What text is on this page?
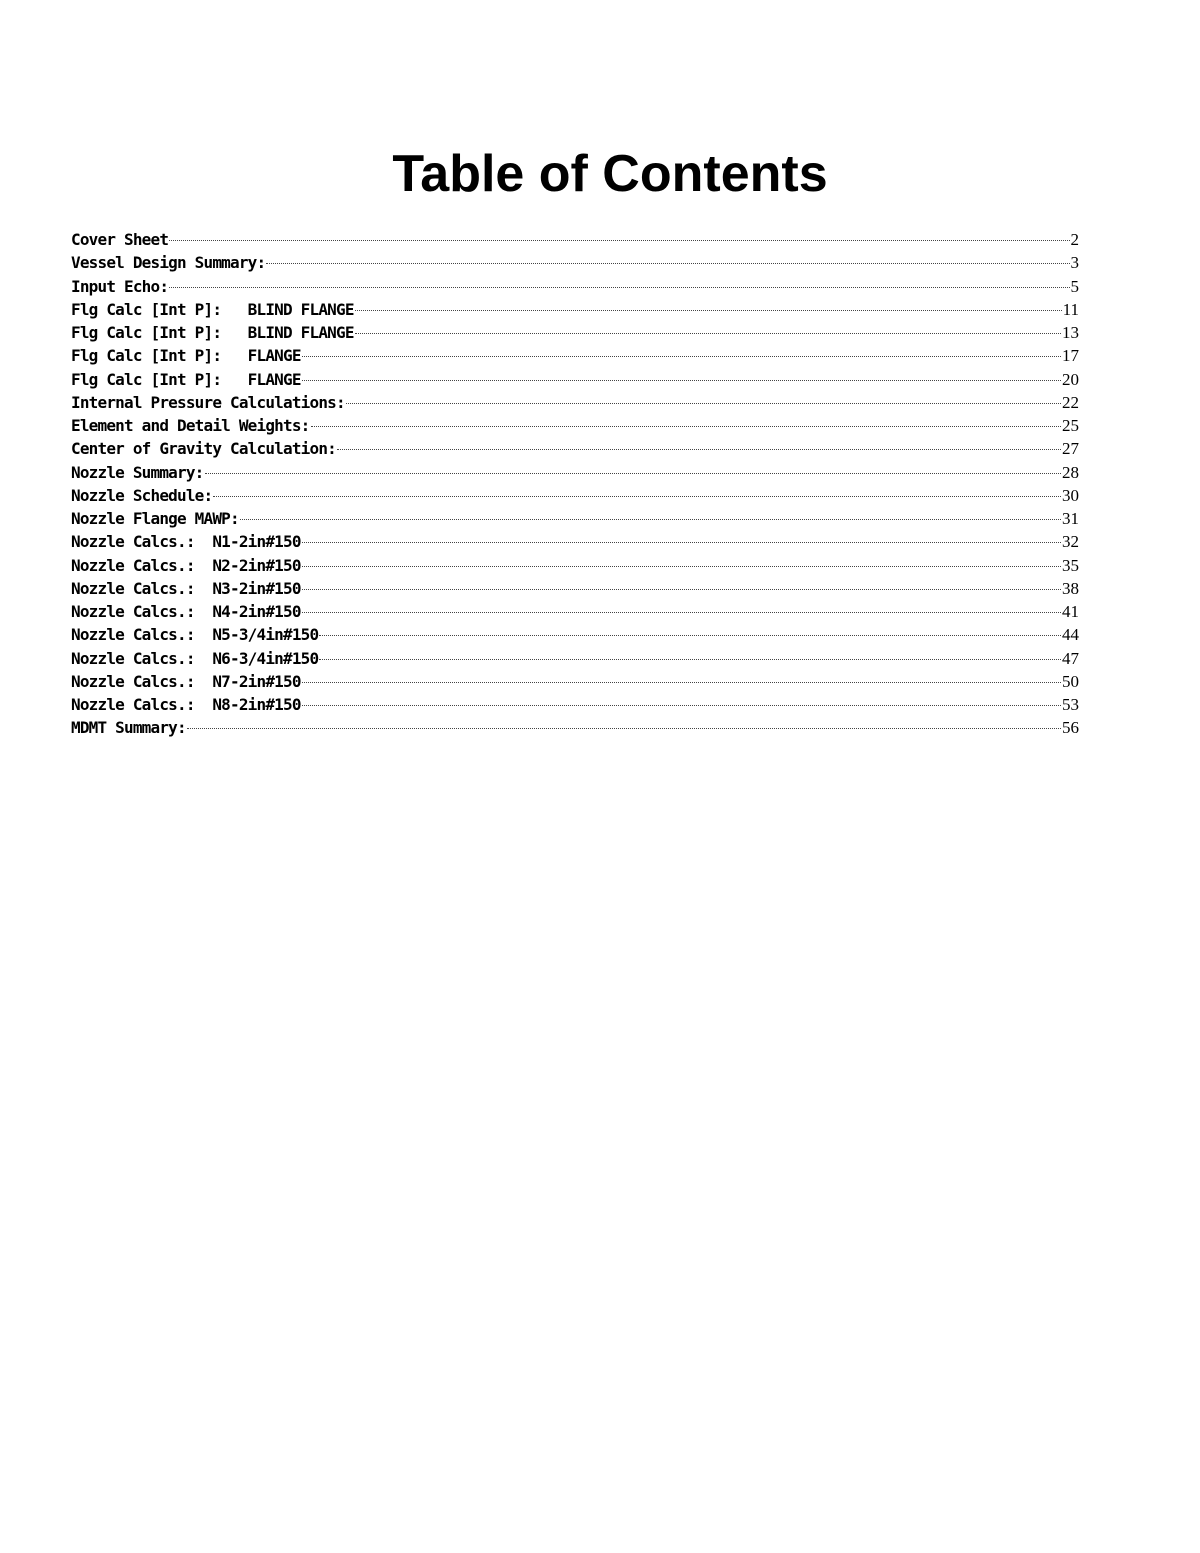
Table of Contents
Cover Sheet	2
Vessel Design Summary:	3
Input Echo:	5
Flg Calc [Int P]:   BLIND FLANGE	11
Flg Calc [Int P]:   BLIND FLANGE	13
Flg Calc [Int P]:   FLANGE	17
Flg Calc [Int P]:   FLANGE	20
Internal Pressure Calculations:	22
Element and Detail Weights:	25
Center of Gravity Calculation:	27
Nozzle Summary:	28
Nozzle Schedule:	30
Nozzle Flange MAWP:	31
Nozzle Calcs.:  N1-2in#150	32
Nozzle Calcs.:  N2-2in#150	35
Nozzle Calcs.:  N3-2in#150	38
Nozzle Calcs.:  N4-2in#150	41
Nozzle Calcs.:  N5-3/4in#150	44
Nozzle Calcs.:  N6-3/4in#150	47
Nozzle Calcs.:  N7-2in#150	50
Nozzle Calcs.:  N8-2in#150	53
MDMT Summary:	56
